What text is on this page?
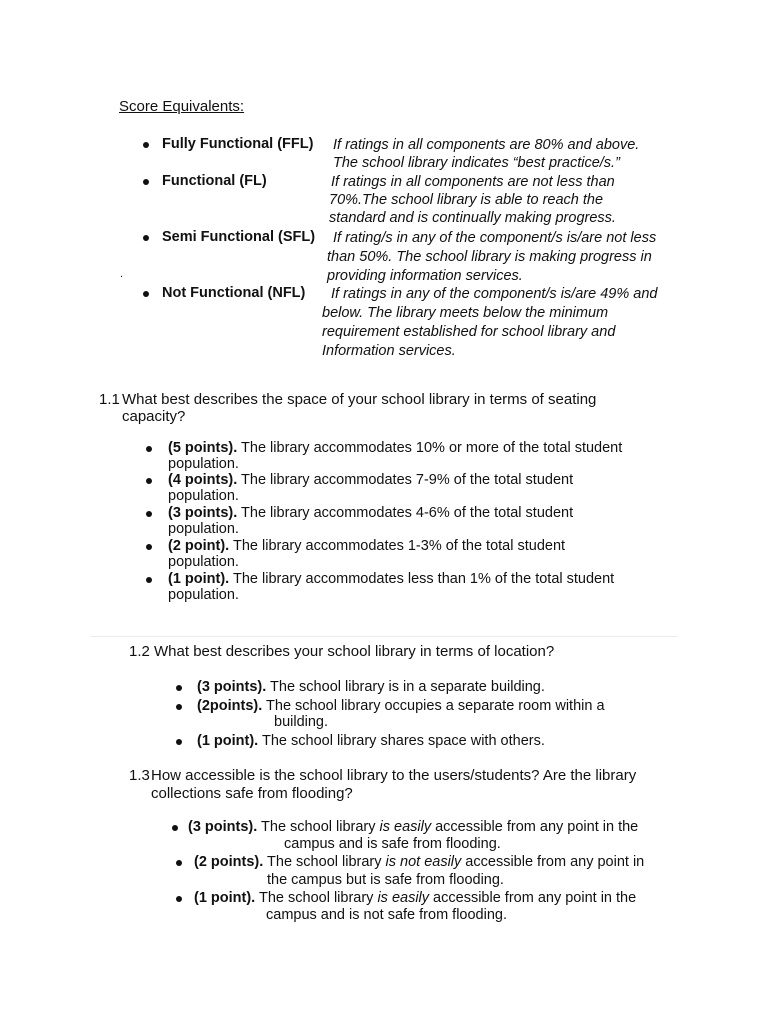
Score Equivalents:
Fully Functional (FFL) If ratings in all components are 80% and above.
The school library indicates “best practice/s.”
Functional (FL)	If ratings in all components are not less than
70%.The school library is able to reach the
standard and is continually making progress.
Semi Functional (SFL) If rating/s in any of the component/s is/are not less
than 50%. The school library is making progress in
providing information services.
.
Not Functional (NFL) If ratings in any of the component/s is/are 49% and
below. The library meets below the minimum
requirement established for school library and
Information services.
1.1 What best describes the space of your school library in terms of seating
capacity?
(5 points). The library accommodates 10% or more of the total student
population.
(4 points). The library accommodates 7-9% of the total student
population.
(3 points). The library accommodates 4-6% of the total student
population.
(2 point). The library accommodates 1-3% of the total student
population.
(1 point). The library accommodates less than 1% of the total student
population.
1.2 What best describes your school library in terms of location?
(3 points). The school library is in a separate building.
(2points). The school library occupies a separate room within a
building.
(1 point). The school library shares space with others.
1.3 How accessible is the school library to the users/students? Are the library
collections safe from flooding?
(3 points). The school library is easily accessible from any point in the
campus and is safe from flooding.
(2 points). The school library is not easily accessible from any point in
the campus but is safe from flooding.
(1 point). The school library is easily accessible from any point in the
campus and is not safe from flooding.
